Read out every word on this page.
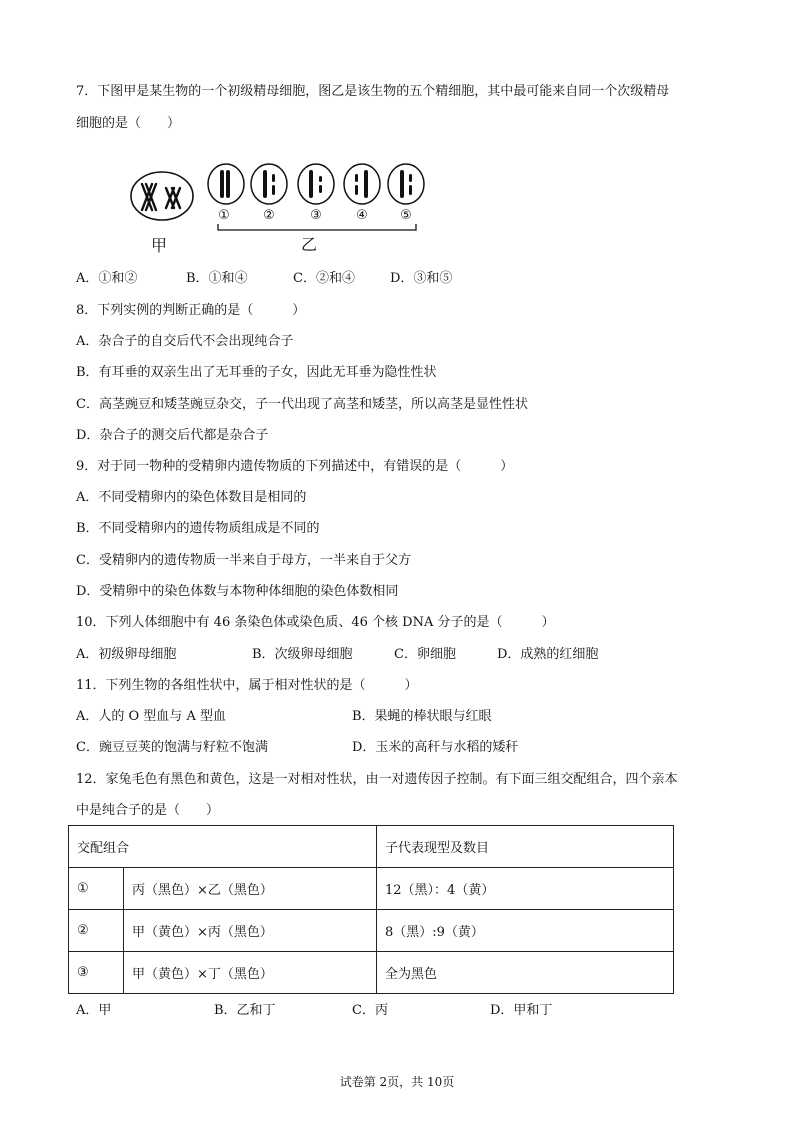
7．下图甲是某生物的一个初级精母细胞，图乙是该生物的五个精细胞，其中最可能来自同一个次级精母
细胞的是（　　）
甲
①	②	③	④ ⑤
乙
A．①和②	B．①和④	C．②和④	D．③和⑤
8．下列实例的判断正确的是（　　　）
A．杂合子的自交后代不会出现纯合子
B．有耳垂的双亲生出了无耳垂的子女，因此无耳垂为隐性性状
C．高茎豌豆和矮茎豌豆杂交，子一代出现了高茎和矮茎，所以高茎是显性性状
D．杂合子的测交后代都是杂合子
9．对于同一物种的受精卵内遗传物质的下列描述中，有错误的是（　　　）
A．不同受精卵内的染色体数目是相同的
B．不同受精卵内的遗传物质组成是不同的
C．受精卵内的遗传物质一半来自于母方，一半来自于父方
D．受精卵中的染色体数与本物种体细胞的染色体数相同
10．下列人体细胞中有 46 条染色体或染色质、46 个核 DNA 分子的是（　　　）
A．初级卵母细胞	B．次级卵母细胞	C．卵细胞	D．成熟的红细胞
11．下列生物的各组性状中，属于相对性状的是（　　　）
A．人的 O 型血与 A 型血	B．果蝇的棒状眼与红眼
C．豌豆豆荚的饱满与籽粒不饱满	D．玉米的高秆与水稻的矮秆
12．家兔毛色有黑色和黄色，这是一对相对性状，由一对遗传因子控制。有下面三组交配组合，四个亲本
中是纯合子的是（　　）
交配组合		子代表现型及数目
①	丙（黑色）×乙（黑色）	12（黑）：4（黄）
②	甲（黄色）×丙（黑色）	8（黑）:9（黄）
③	甲（黄色）×丁（黑色）	全为黑色
A．甲	B．乙和丁	C．丙	D．甲和丁
试卷第 2页，共 10页
